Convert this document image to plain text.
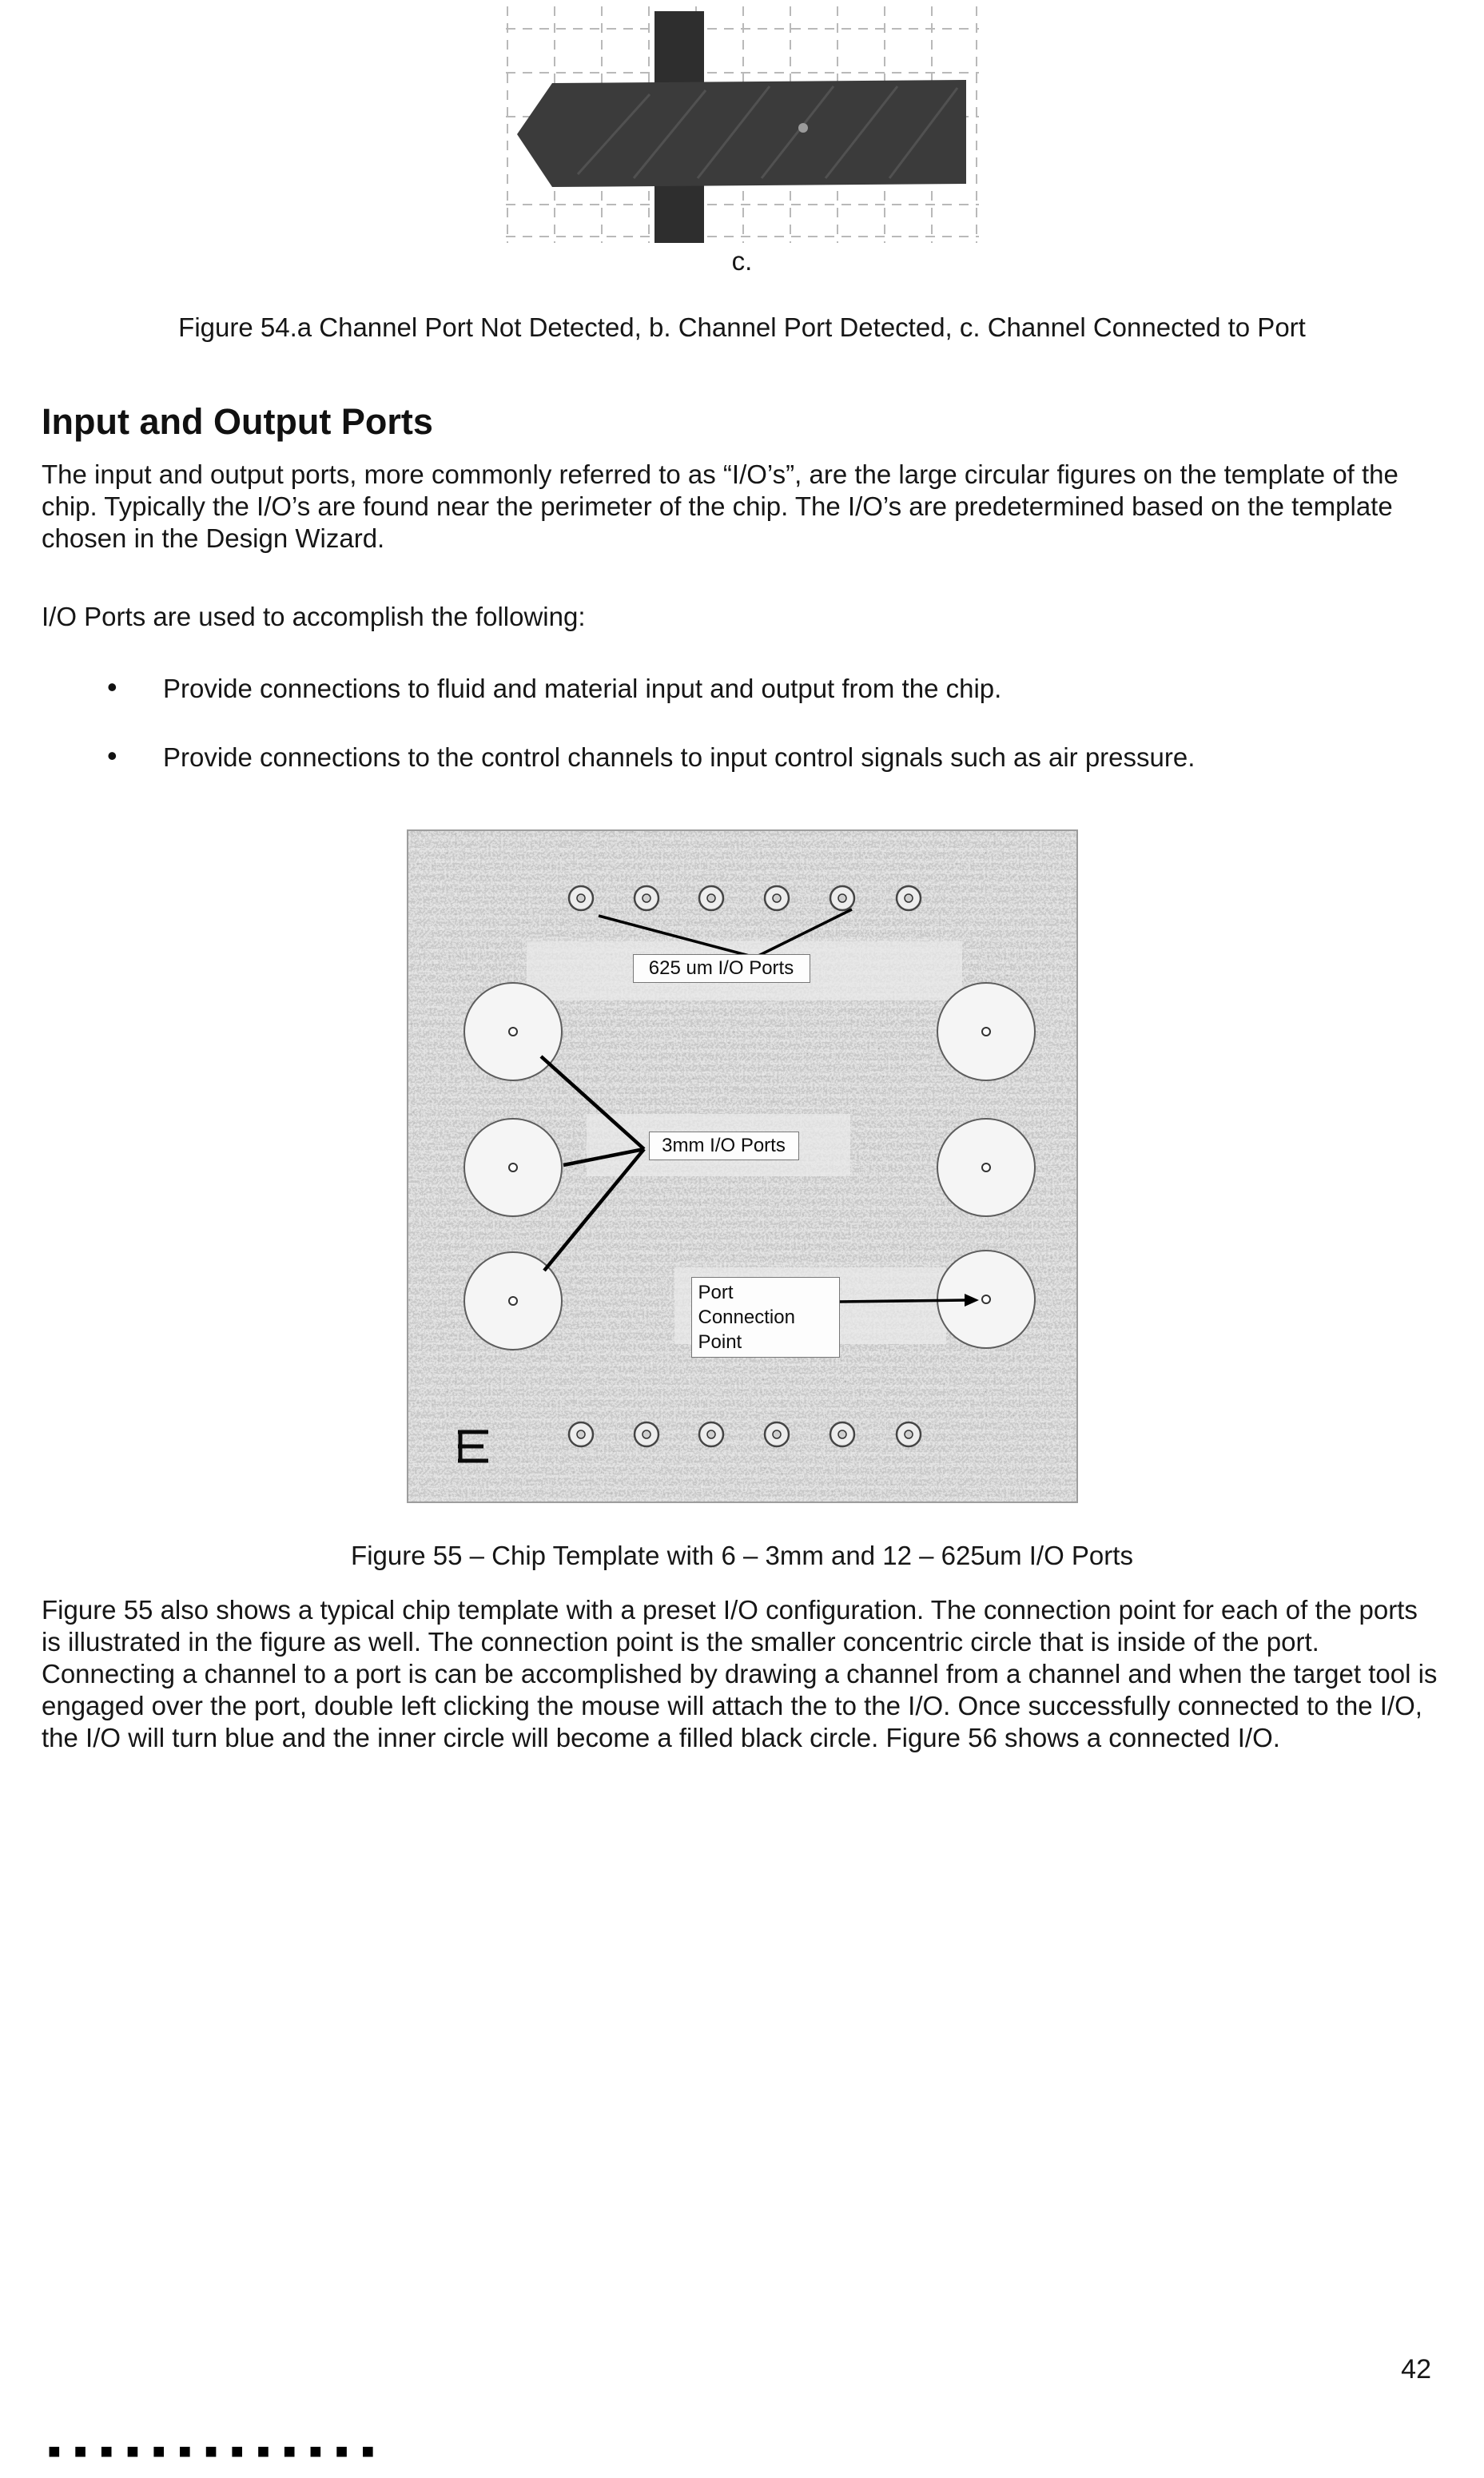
c.
Figure 54.a Channel Port Not Detected, b. Channel Port Detected, c. Channel Connected to Port
Input and Output Ports

The input and output ports, more commonly referred to as “I/O’s”, are the large circular figures on the template of the chip. Typically the I/O’s are found near the perimeter of the chip. The I/O’s are predetermined based on the template chosen in the Design Wizard.

I/O Ports are used to accomplish the following:

• Provide connections to fluid and material input and output from the chip.
• Provide connections to the control channels to input control signals such as air pressure.
625 um I/O Ports
3mm I/O Ports
Port Connection Point
Figure 55 – Chip Template with 6 – 3mm and 12 – 625um I/O Ports

Figure 55 also shows a typical chip template with a preset I/O configuration. The connection point for each of the ports is illustrated in the figure as well. The connection point is the smaller concentric circle that is inside of the port. Connecting a channel to a port is can be accomplished by drawing a channel from a channel and when the target tool is engaged over the port, double left clicking the mouse will attach the to the I/O. Once successfully connected to the I/O, the I/O will turn blue and the inner circle will become a filled black circle. Figure 56 shows a connected I/O.

42
■■■■■■■■■■■■■
